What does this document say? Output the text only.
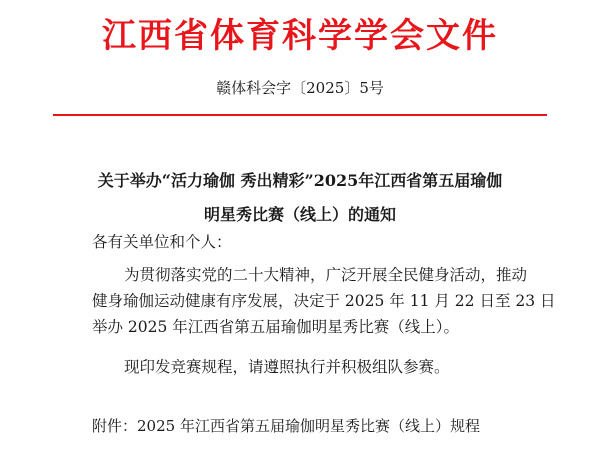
江西省体育科学学会文件
赣体科会字〔2025〕5号
关于举办“活力瑜伽 秀出精彩”2025年江西省第五届瑜伽
明星秀比赛（线上）的通知
各有关单位和个人：
为贯彻落实党的二十大精神，广泛开展全民健身活动，推动
健身瑜伽运动健康有序发展，决定于 2025 年 11 月 22 日至 23 日
举办 2025 年江西省第五届瑜伽明星秀比赛（线上）。
现印发竞赛规程，请遵照执行并积极组队参赛。
附件：2025 年江西省第五届瑜伽明星秀比赛（线上）规程
